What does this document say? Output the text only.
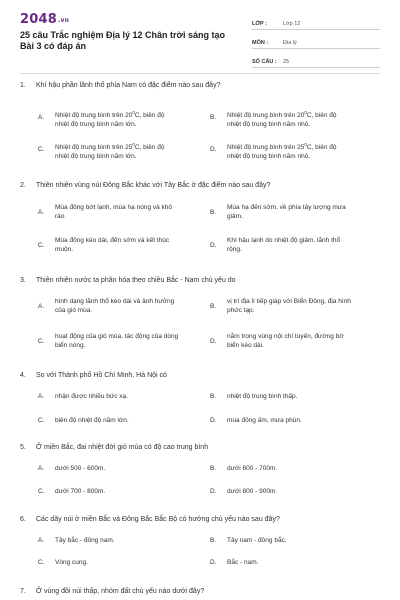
2048.vn
25 câu Trắc nghiệm Địa lý 12 Chân trời sáng tạo Bài 3 có đáp án
LỚP :	Lớp 12
MÔN :	Địa lý
SỐ CÂU :	25
1. Khí hậu phần lãnh thổ phía Nam có đặc điểm nào sau đây?
A.	Nhiệt độ trung bình trên $20^0C$, biên độ
nhiệt độ trung bình năm lớn.
B.	Nhiệt độ trung bình trên $20^0C$, biên độ
nhiệt độ trung bình năm nhỏ.
C.	Nhiệt độ trung bình trên $25^0C$, biên độ
nhiệt độ trung bình năm lớn.
D.	Nhiệt độ trung bình trên $25^0C$, biên độ
nhiệt độ trung bình năm nhỏ.
2. Thiên nhiên vùng núi Đông Bắc khác với Tây Bắc ở đặc điểm nào sau đây?
A.
Mùa đông bớt lạnh, mùa hạ nóng và khô
ráo.
B.
Mùa hạ đến sớm, về phía tây lượng mưa
giảm.
C.
Mùa đông kéo dài, đến sớm và kết thúc
muộn.
D.
Khí hậu lạnh do nhiệt độ giảm, lãnh thổ
rộng.
3. Thiên nhiên nước ta phân hóa theo chiều Bắc - Nam chủ yếu do
A.
hình dạng lãnh thổ kéo dài và ảnh hưởng
của gió mùa.
B.
vị trí địa lí tiếp giáp với Biển Đông, địa hình
phức tạp.
C.
hoạt động của gió mùa, tác động của dòng
biển nóng.
D.
nằm trong vùng nội chí tuyến, đường bờ
biển kéo dài.
4. So với Thành phố Hồ Chí Minh, Hà Nội có
A.	nhận được nhiều bức xạ.	B.	nhiệt độ trung bình thấp.
C.	biên độ nhiệt độ năm lớn.	D.	mùa đông ấm, mưa phùn.
5. Ở miền Bắc, đai nhiệt đới gió mùa có độ cao trung bình
A.	dưới 500 - 600m.	B.	dưới 600 - 700m.
C.	dưới 700 - 800m.	D.	dưới 800 - 900m.
6. Các dãy núi ở miền Bắc và Đông Bắc Bắc Bộ có hướng chủ yếu nào sau đây?
A.	Tây bắc - đông nam.	B.	Tây nam - đông bắc.
C.	Vòng cung.	D.	Bắc - nam.
7. Ở vùng đồi núi thấp, nhóm đất chủ yếu nào dưới đây?
